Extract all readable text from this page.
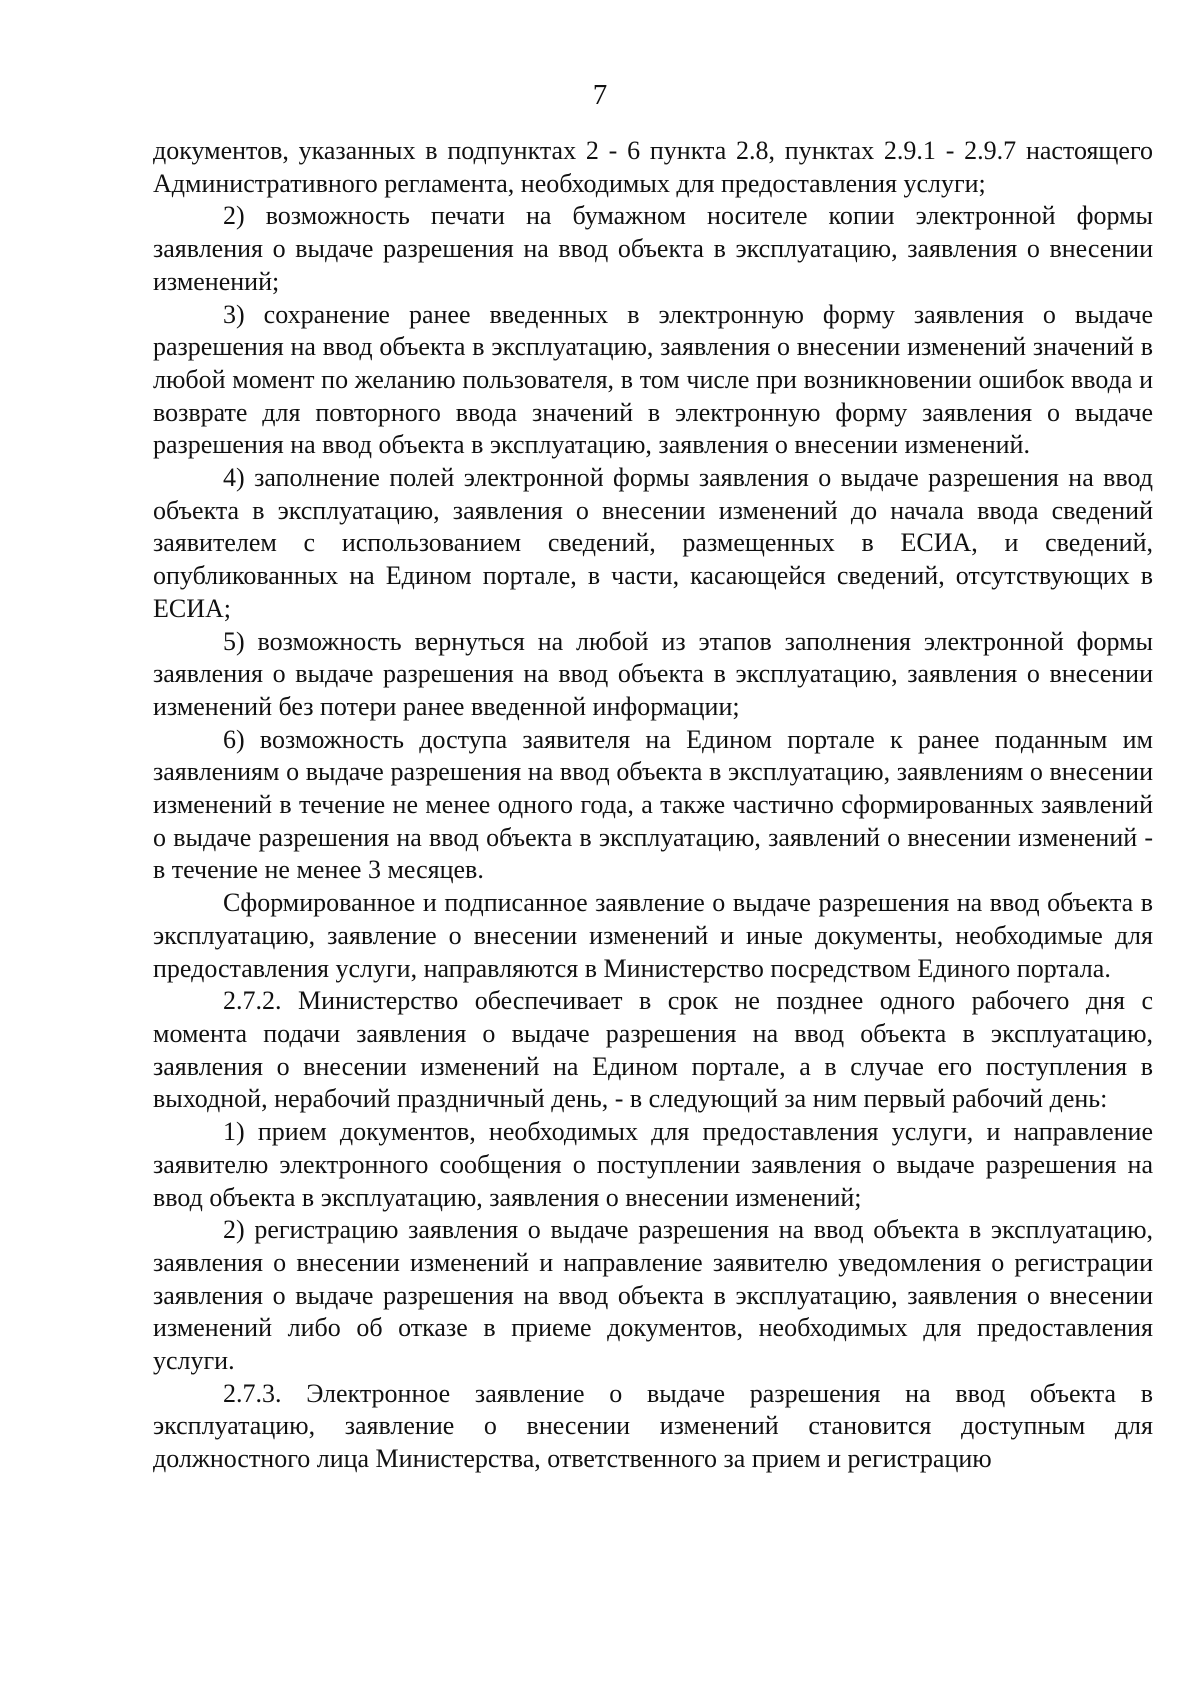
7

документов, указанных в подпунктах 2 - 6 пункта 2.8, пунктах 2.9.1 - 2.9.7 настоящего Административного регламента, необходимых для предоставления услуги;

2) возможность печати на бумажном носителе копии электронной формы заявления о выдаче разрешения на ввод объекта в эксплуатацию, заявления о внесении изменений;

3) сохранение ранее введенных в электронную форму заявления о выдаче разрешения на ввод объекта в эксплуатацию, заявления о внесении изменений значений в любой момент по желанию пользователя, в том числе при возникновении ошибок ввода и возврате для повторного ввода значений в электронную форму заявления о выдаче разрешения на ввод объекта в эксплуатацию, заявления о внесении изменений.

4) заполнение полей электронной формы заявления о выдаче разрешения на ввод объекта в эксплуатацию, заявления о внесении изменений до начала ввода сведений заявителем с использованием сведений, размещенных в ЕСИА, и сведений, опубликованных на Едином портале, в части, касающейся сведений, отсутствующих в ЕСИА;

5) возможность вернуться на любой из этапов заполнения электронной формы заявления о выдаче разрешения на ввод объекта в эксплуатацию, заявления о внесении изменений без потери ранее введенной информации;

6) возможность доступа заявителя на Едином портале к ранее поданным им заявлениям о выдаче разрешения на ввод объекта в эксплуатацию, заявлениям о внесении изменений в течение не менее одного года, а также частично сформированных заявлений о выдаче разрешения на ввод объекта в эксплуатацию, заявлений о внесении изменений - в течение не менее 3 месяцев.

Сформированное и подписанное заявление о выдаче разрешения на ввод объекта в эксплуатацию, заявление о внесении изменений и иные документы, необходимые для предоставления услуги, направляются в Министерство посредством Единого портала.

2.7.2. Министерство обеспечивает в срок не позднее одного рабочего дня с момента подачи заявления о выдаче разрешения на ввод объекта в эксплуатацию, заявления о внесении изменений на Едином портале, а в случае его поступления в выходной, нерабочий праздничный день, - в следующий за ним первый рабочий день:

1) прием документов, необходимых для предоставления услуги, и направление заявителю электронного сообщения о поступлении заявления о выдаче разрешения на ввод объекта в эксплуатацию, заявления о внесении изменений;

2) регистрацию заявления о выдаче разрешения на ввод объекта в эксплуатацию, заявления о внесении изменений и направление заявителю уведомления о регистрации заявления о выдаче разрешения на ввод объекта в эксплуатацию, заявления о внесении изменений либо об отказе в приеме документов, необходимых для предоставления услуги.

2.7.3. Электронное заявление о выдаче разрешения на ввод объекта в эксплуатацию, заявление о внесении изменений становится доступным для должностного лица Министерства, ответственного за прием и регистрацию
